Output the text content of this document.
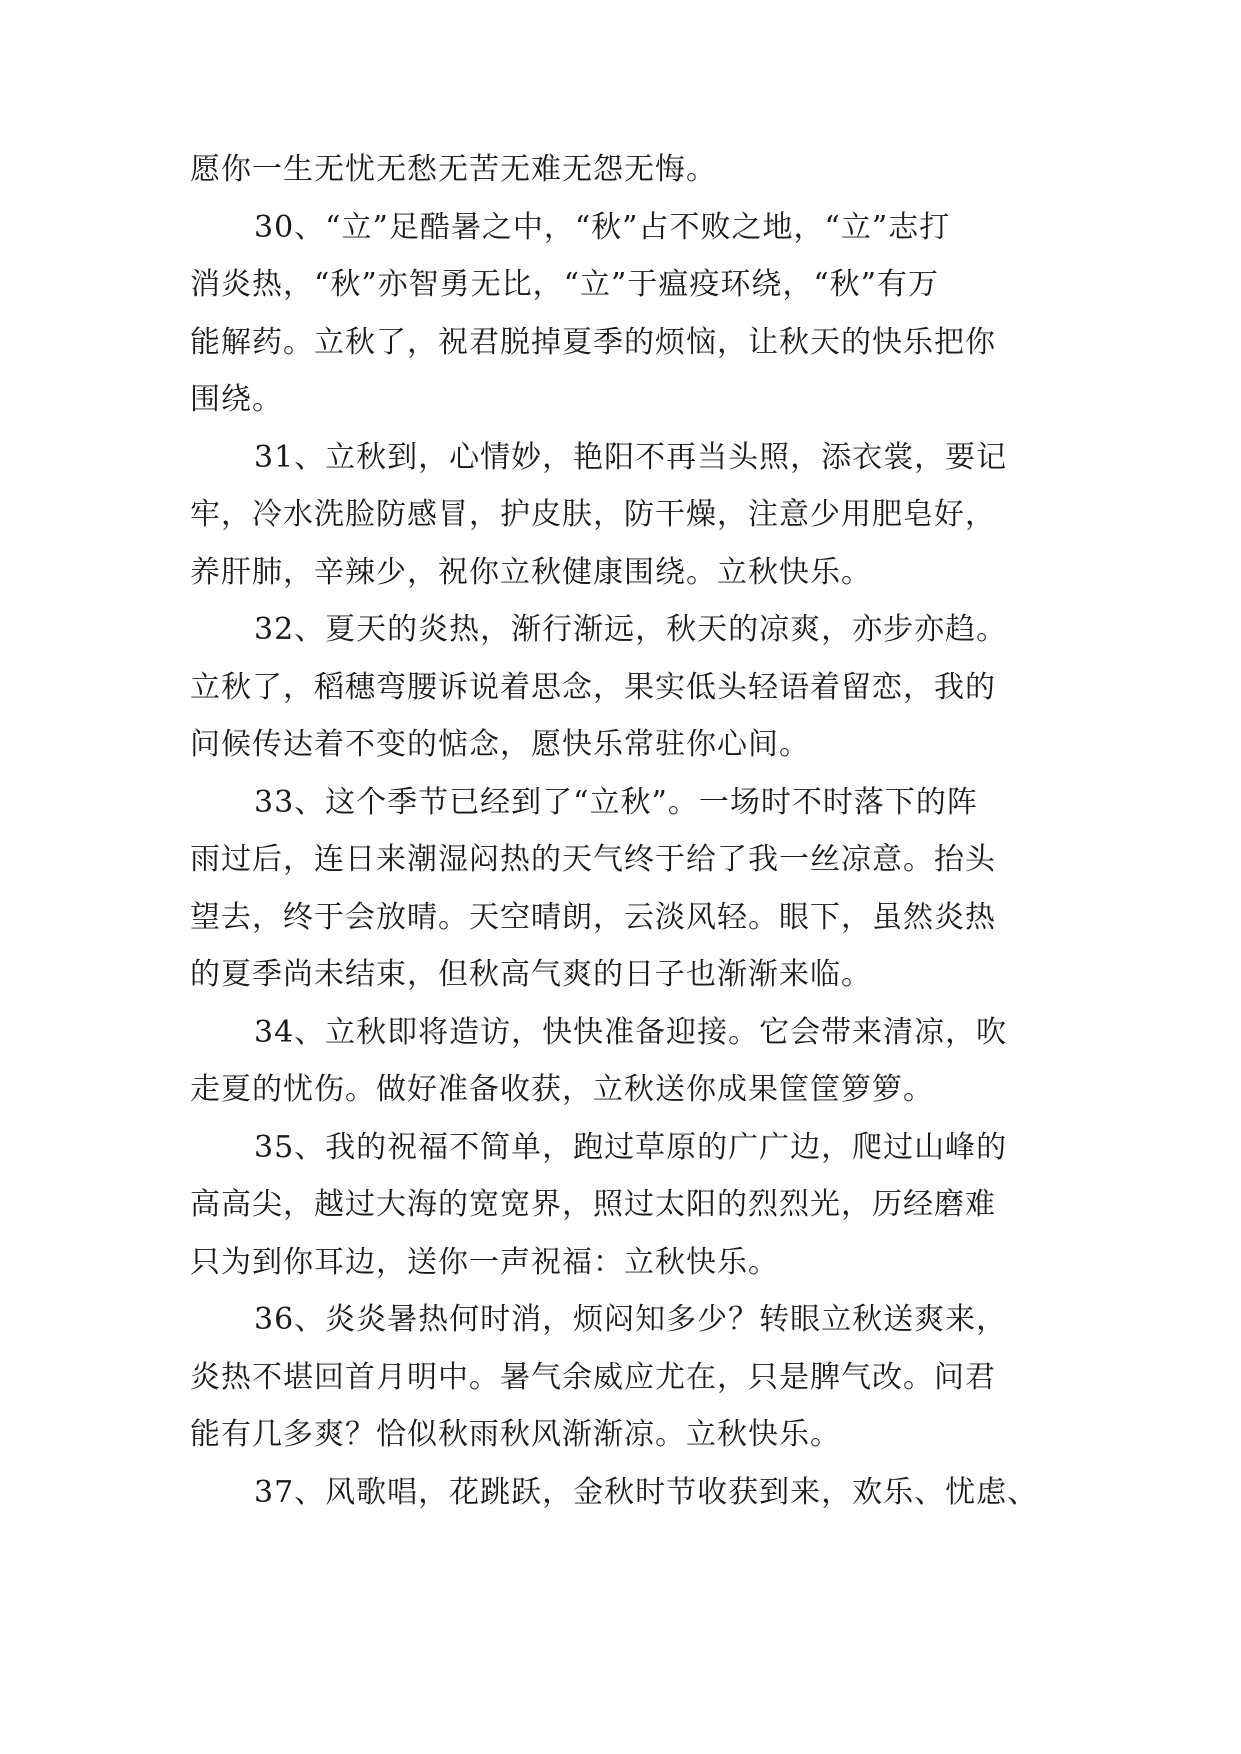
愿你一生无忧无愁无苦无难无怨无悔。
30、“立”足酷暑之中，“秋”占不败之地，“立”志打
消炎热，“秋”亦智勇无比，“立”于瘟疫环绕，“秋”有万
能解药。立秋了，祝君脱掉夏季的烦恼，让秋天的快乐把你
围绕。
31、立秋到，心情妙，艳阳不再当头照，添衣裳，要记
牢，冷水洗脸防感冒，护皮肤，防干燥，注意少用肥皂好，
养肝肺，辛辣少，祝你立秋健康围绕。立秋快乐。
32、夏天的炎热，渐行渐远，秋天的凉爽，亦步亦趋。
立秋了，稻穗弯腰诉说着思念，果实低头轻语着留恋，我的
问候传达着不变的惦念，愿快乐常驻你心间。
33、这个季节已经到了“立秋”。一场时不时落下的阵
雨过后，连日来潮湿闷热的天气终于给了我一丝凉意。抬头
望去，终于会放晴。天空晴朗，云淡风轻。眼下，虽然炎热
的夏季尚未结束，但秋高气爽的日子也渐渐来临。
34、立秋即将造访，快快准备迎接。它会带来清凉，吹
走夏的忧伤。做好准备收获，立秋送你成果筐筐箩箩。
35、我的祝福不简单，跑过草原的广广边，爬过山峰的
高高尖，越过大海的宽宽界，照过太阳的烈烈光，历经磨难
只为到你耳边，送你一声祝福：立秋快乐。
36、炎炎暑热何时消，烦闷知多少？转眼立秋送爽来，
炎热不堪回首月明中。暑气余威应尤在，只是脾气改。问君
能有几多爽？恰似秋雨秋风渐渐凉。立秋快乐。
37、风歌唱，花跳跃，金秋时节收获到来，欢乐、忧虑、
